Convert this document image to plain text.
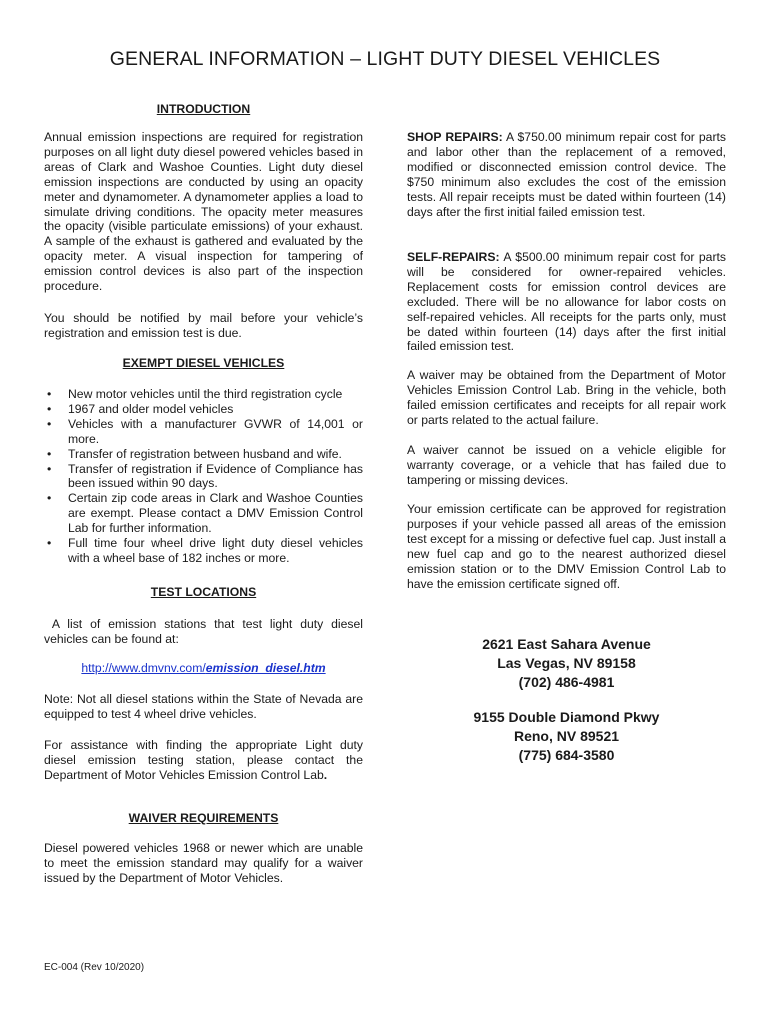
GENERAL INFORMATION – LIGHT DUTY DIESEL VEHICLES
INTRODUCTION
Annual emission inspections are required for registration purposes on all light duty diesel powered vehicles based in areas of Clark and Washoe Counties. Light duty diesel emission inspections are conducted by using an opacity meter and dynamometer. A dynamometer applies a load to simulate driving conditions. The opacity meter measures the opacity (visible particulate emissions) of your exhaust. A sample of the exhaust is gathered and evaluated by the opacity meter. A visual inspection for tampering of emission control devices is also part of the inspection procedure.
You should be notified by mail before your vehicle’s registration and emission test is due.
EXEMPT DIESEL VEHICLES
• New motor vehicles until the third registration cycle
• 1967 and older model vehicles
• Vehicles with a manufacturer GVWR of 14,001 or more.
• Transfer of registration between husband and wife.
• Transfer of registration if Evidence of Compliance has been issued within 90 days.
• Certain zip code areas in Clark and Washoe Counties are exempt. Please contact a DMV Emission Control Lab for further information.
• Full time four wheel drive light duty diesel vehicles with a wheel base of 182 inches or more.
TEST LOCATIONS
A list of emission stations that test light duty diesel vehicles can be found at:
http://www.dmvnv.com/emission_diesel.htm
Note: Not all diesel stations within the State of Nevada are equipped to test 4 wheel drive vehicles.
For assistance with finding the appropriate Light duty diesel emission testing station, please contact the Department of Motor Vehicles Emission Control Lab.
WAIVER REQUIREMENTS
Diesel powered vehicles 1968 or newer which are unable to meet the emission standard may qualify for a waiver issued by the Department of Motor Vehicles.
SHOP REPAIRS: A $750.00 minimum repair cost for parts and labor other than the replacement of a removed, modified or disconnected emission control device. The $750 minimum also excludes the cost of the emission tests. All repair receipts must be dated within fourteen (14) days after the first initial failed emission test.
SELF-REPAIRS: A $500.00 minimum repair cost for parts will be considered for owner-repaired vehicles. Replacement costs for emission control devices are excluded. There will be no allowance for labor costs on self-repaired vehicles. All receipts for the parts only, must be dated within fourteen (14) days after the first initial failed emission test.
A waiver may be obtained from the Department of Motor Vehicles Emission Control Lab. Bring in the vehicle, both failed emission certificates and receipts for all repair work or parts related to the actual failure.
A waiver cannot be issued on a vehicle eligible for warranty coverage, or a vehicle that has failed due to tampering or missing devices.
Your emission certificate can be approved for registration purposes if your vehicle passed all areas of the emission test except for a missing or defective fuel cap. Just install a new fuel cap and go to the nearest authorized diesel emission station or to the DMV Emission Control Lab to have the emission certificate signed off.
2621 East Sahara Avenue
Las Vegas, NV 89158
(702) 486-4981
9155 Double Diamond Pkwy
Reno, NV 89521
(775) 684-3580
EC-004 (Rev 10/2020)
